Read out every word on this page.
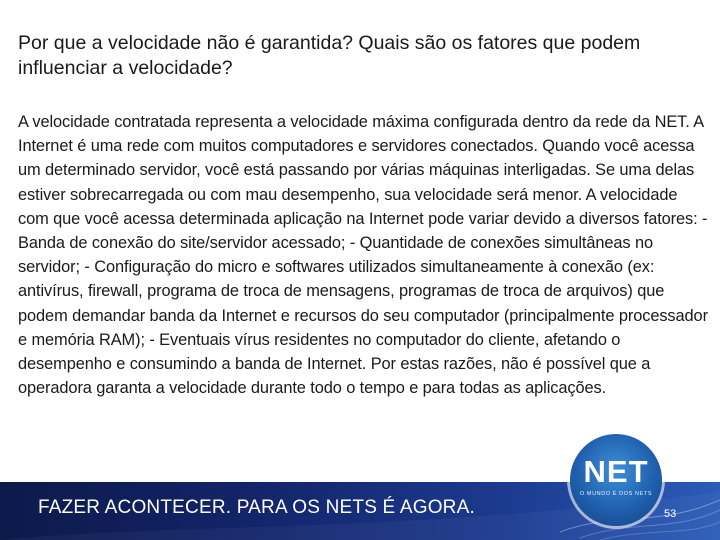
Por que a velocidade não é garantida? Quais são os fatores que podem influenciar a velocidade?

A velocidade contratada representa a velocidade máxima configurada dentro da rede da NET. A Internet é uma rede com muitos computadores e servidores conectados. Quando você acessa um determinado servidor, você está passando por várias máquinas interligadas. Se uma delas estiver sobrecarregada ou com mau desempenho, sua velocidade será menor. A velocidade com que você acessa determinada aplicação na Internet pode variar devido a diversos fatores: - Banda de conexão do site/servidor acessado; - Quantidade de conexões simultâneas no servidor; - Configuração do micro e softwares utilizados simultaneamente à conexão (ex: antivírus, firewall, programa de troca de mensagens, programas de troca de arquivos) que podem demandar banda da Internet e recursos do seu computador (principalmente processador e memória RAM); - Eventuais vírus residentes no computador do cliente, afetando o desempenho e consumindo a banda de Internet. Por estas razões, não é possível que a operadora garanta a velocidade durante todo o tempo e para todas as aplicações.

FAZER ACONTECER. PARA OS NETS É AGORA.
NET
O MUNDO É DOS NETS
53
